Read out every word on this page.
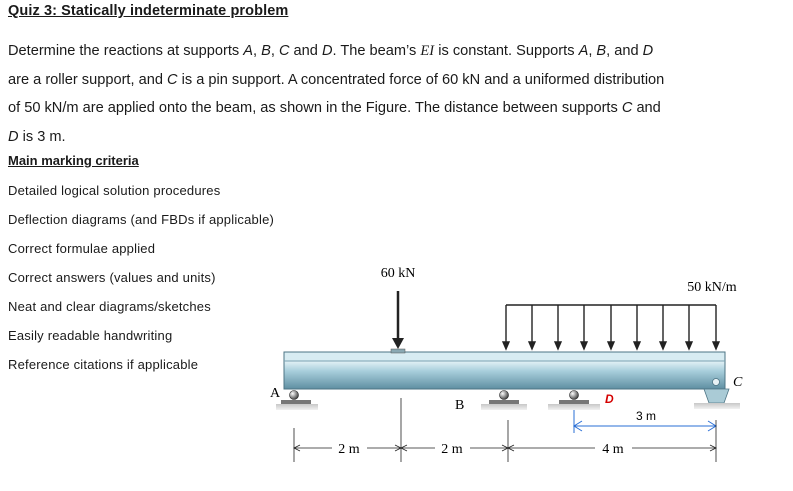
Quiz 3: Statically indeterminate problem

Determine the reactions at supports A, B, C and D. The beam’s EI is constant. Supports A, B, and D

are a roller support, and C is a pin support. A concentrated force of 60 kN and a uniformed distribution

of 50 kN/m are applied onto the beam, as shown in the Figure. The distance between supports C and

D is 3 m.

Main marking criteria
Detailed logical solution procedures
Deflection diagrams (and FBDs if applicable)
Correct formulae applied
Correct answers (values and units)
Neat and clear diagrams/sketches
Easily readable handwriting
Reference citations if applicable
60 kN
50 kN/m
A
B	D
C
3 m
2 m	2 m	4 m
